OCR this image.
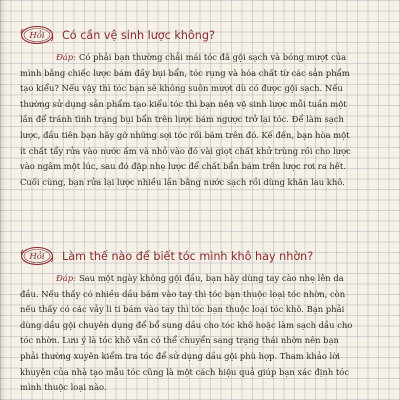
Hỏi Có cần vệ sinh lược không?
Đáp: Có phải bạn thường chải mái tóc đã gội sạch và bóng mượt của
mình bằng chiếc lược bám đầy bụi bẩn, tóc rụng và hóa chất từ các sản phẩm
tạo kiểu? Nếu vậy thì tóc bạn sẽ không suôn mượt dù có được gội sạch. Nếu
thường sử dụng sản phẩm tạo kiểu tóc thì bạn nên vệ sinh lược mỗi tuần một
lần để tránh tình trạng bụi bẩn trên lược bám ngược trở lại tóc. Để làm sạch
lược, đầu tiên bạn hãy gỡ những sợi tóc rối bám trên đó. Kế đến, bạn hòa một
ít chất tẩy rửa vào nước ấm và nhỏ vào đó vài giọt chất khử trùng rồi cho lược
vào ngâm một lúc, sau đó đập nhẹ lược để chất bẩn bám trên lược rơi ra hết.
Cuối cùng, bạn rửa lại lược nhiều lần bằng nước sạch rồi dùng khăn lau khô.
Hỏi Làm thế nào để biết tóc mình khô hay nhờn?
Đáp: Sau một ngày không gội đầu, bạn hãy dùng tay cào nhẹ lên da
đầu. Nếu thấy có nhiều dầu bám vào tay thì tóc bạn thuộc loại tóc nhờn, còn
nếu thấy có các vảy li ti bám vào tay thì tóc bạn thuộc loại tóc khô. Bạn phải
dùng dầu gội chuyên dụng để bổ sung dầu cho tóc khô hoặc làm sạch dầu cho
tóc nhờn. Lưu ý là tóc khô vẫn có thể chuyển sang trạng thái nhờn nên bạn
phải thường xuyên kiểm tra tóc để sử dụng dầu gội phù hợp. Tham khảo lời
khuyên của nhà tạo mẫu tóc cũng là một cách hiệu quả giúp bạn xác định tóc
mình thuộc loại nào.
